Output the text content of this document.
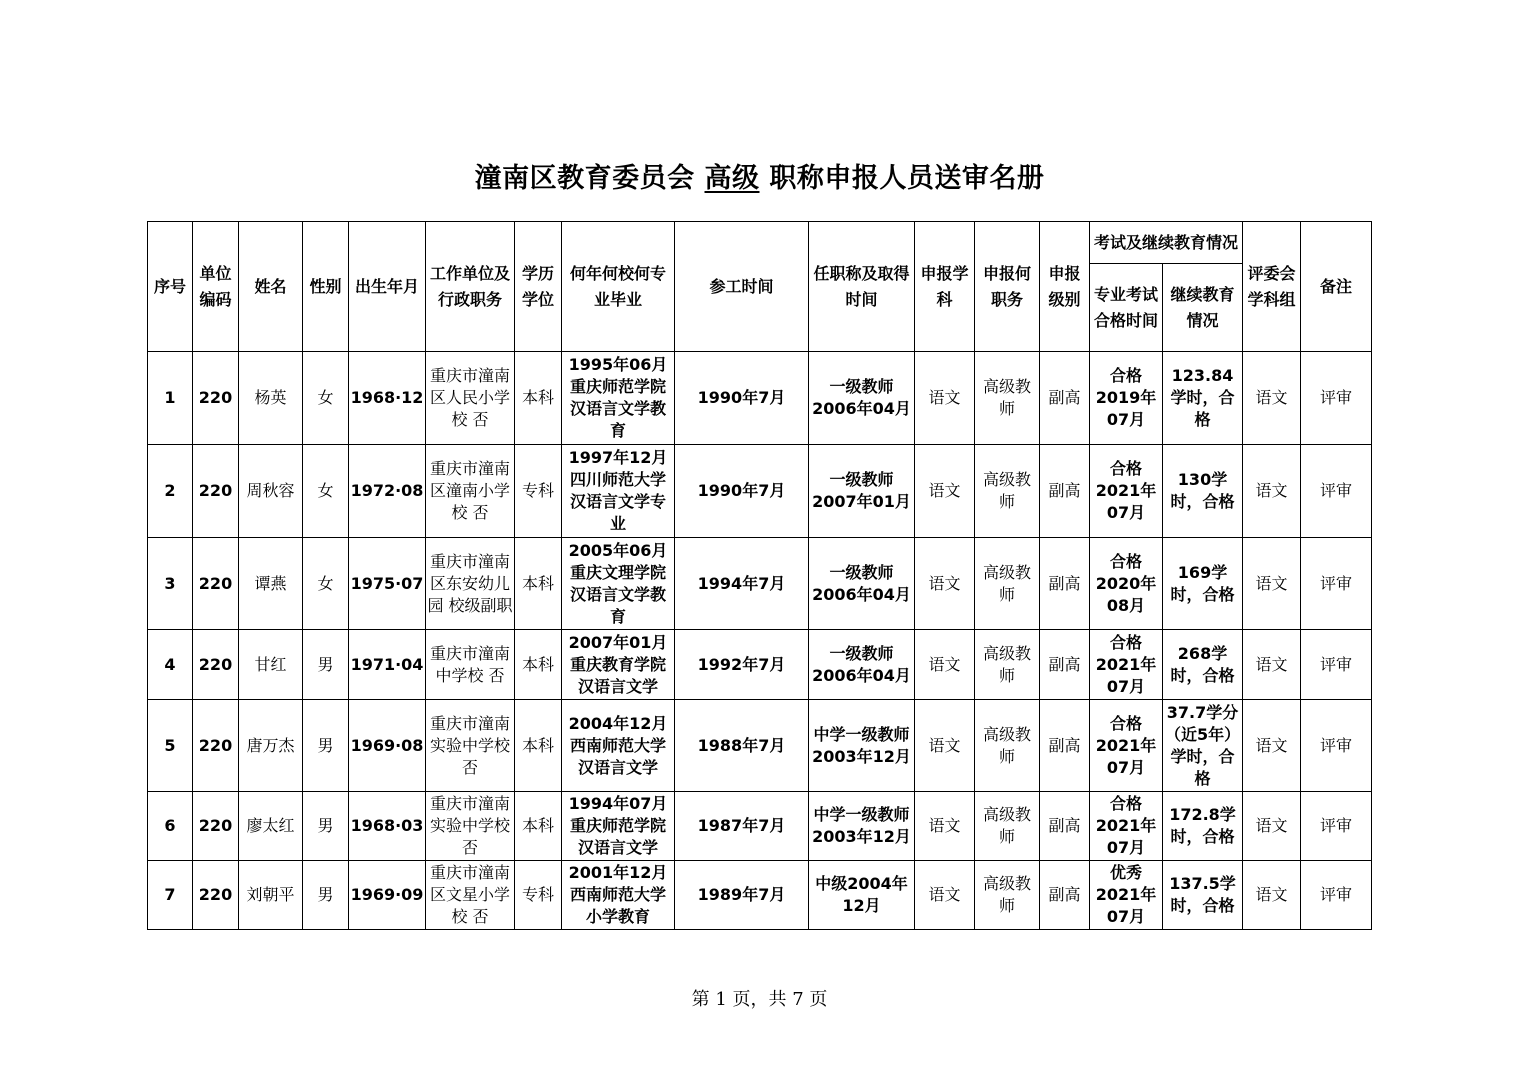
潼南区教育委员会 高级 职称申报人员送审名册
序号	单位编码	姓名	性别	出生年月	工作单位及行政职务	学历学位	何年何校何专业毕业	参工时间	任职称及取得时间	申报学科	申报何职务	申报级别	考试及继续教育情况		评委会学科组	备注
													专业考试合格时间	继续教育情况		

1	220	杨英	女	1968·12	重庆市潼南区人民小学校 否	本科	1995年06月重庆师范学院汉语言文学教育	1990年7月	一级教师2006年04月	语文	高级教师	副高	合格2019年07月	123.84学时，合格	语文	评审

2	220	周秋容	女	1972·08	重庆市潼南区潼南小学校 否	专科	1997年12月四川师范大学汉语言文学专业	1990年7月	一级教师2007年01月	语文	高级教师	副高	合格2021年07月	130学时，合格	语文	评审

3	220	谭燕	女	1975·07	重庆市潼南区东安幼儿园 校级副职	本科	2005年06月重庆文理学院汉语言文学教育	1994年7月	一级教师2006年04月	语文	高级教师	副高	合格2020年08月	169学时，合格	语文	评审

4	220	甘红	男	1971·04	重庆市潼南中学校 否	本科	2007年01月重庆教育学院汉语言文学	1992年7月	一级教师2006年04月	语文	高级教师	副高	合格2021年07月	268学时，合格	语文	评审

5	220	唐万杰	男	1969·08	重庆市潼南实验中学校 否	本科	2004年12月西南师范大学汉语言文学	1988年7月	中学一级教师2003年12月	语文	高级教师	副高	合格2021年07月	37.7学分（近5年）学时，合格	语文	评审

6	220	廖太红	男	1968·03	重庆市潼南实验中学校 否	本科	1994年07月重庆师范学院汉语言文学	1987年7月	中学一级教师2003年12月	语文	高级教师	副高	合格2021年07月	172.8学时，合格	语文	评审

7	220	刘朝平	男	1969·09	重庆市潼南区文星小学校 否	专科	2001年12月西南师范大学小学教育	1989年7月	中级2004年12月	语文	高级教师	副高	优秀2021年07月	137.5学时，合格	语文	评审
第 1 页，共 7 页
